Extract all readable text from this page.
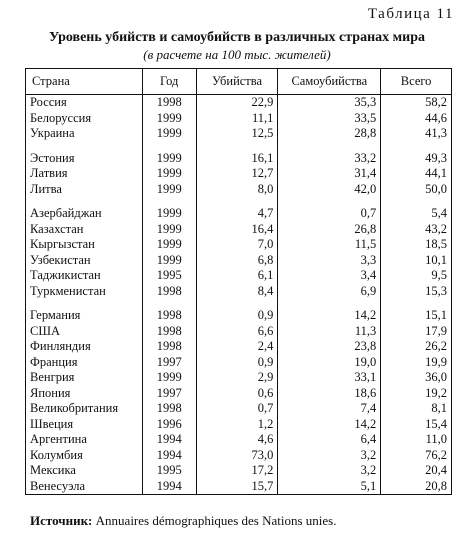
Таблица 11
Уровень убийств и самоубийств в различных странах мира
(в расчете на 100 тыс. жителей)
Страна	Год	Убийства	Самоубийства	Всего
Россия	1998	22,9	35,3	58,2
Белоруссия	1999	11,1	33,5	44,6
Украина	1999	12,5	28,8	41,3

Эстония	1999	16,1	33,2	49,3
Латвия	1999	12,7	31,4	44,1
Литва	1999	8,0	42,0	50,0

Азербайджан	1999	4,7	0,7	5,4
Казахстан	1999	16,4	26,8	43,2
Кыргызстан	1999	7,0	11,5	18,5
Узбекистан	1999	6,8	3,3	10,1
Таджикистан	1995	6,1	3,4	9,5
Туркменистан	1998	8,4	6,9	15,3

Германия	1998	0,9	14,2	15,1
США	1998	6,6	11,3	17,9
Финляндия	1998	2,4	23,8	26,2
Франция	1997	0,9	19,0	19,9
Венгрия	1999	2,9	33,1	36,0
Япония	1997	0,6	18,6	19,2
Великобритания	1998	0,7	7,4	8,1
Швеция	1996	1,2	14,2	15,4
Аргентина	1994	4,6	6,4	11,0
Колумбия	1994	73,0	3,2	76,2
Мексика	1995	17,2	3,2	20,4
Венесуэла	1994	15,7	5,1	20,8
Источник: Annuaires démographiques des Nations unies.
